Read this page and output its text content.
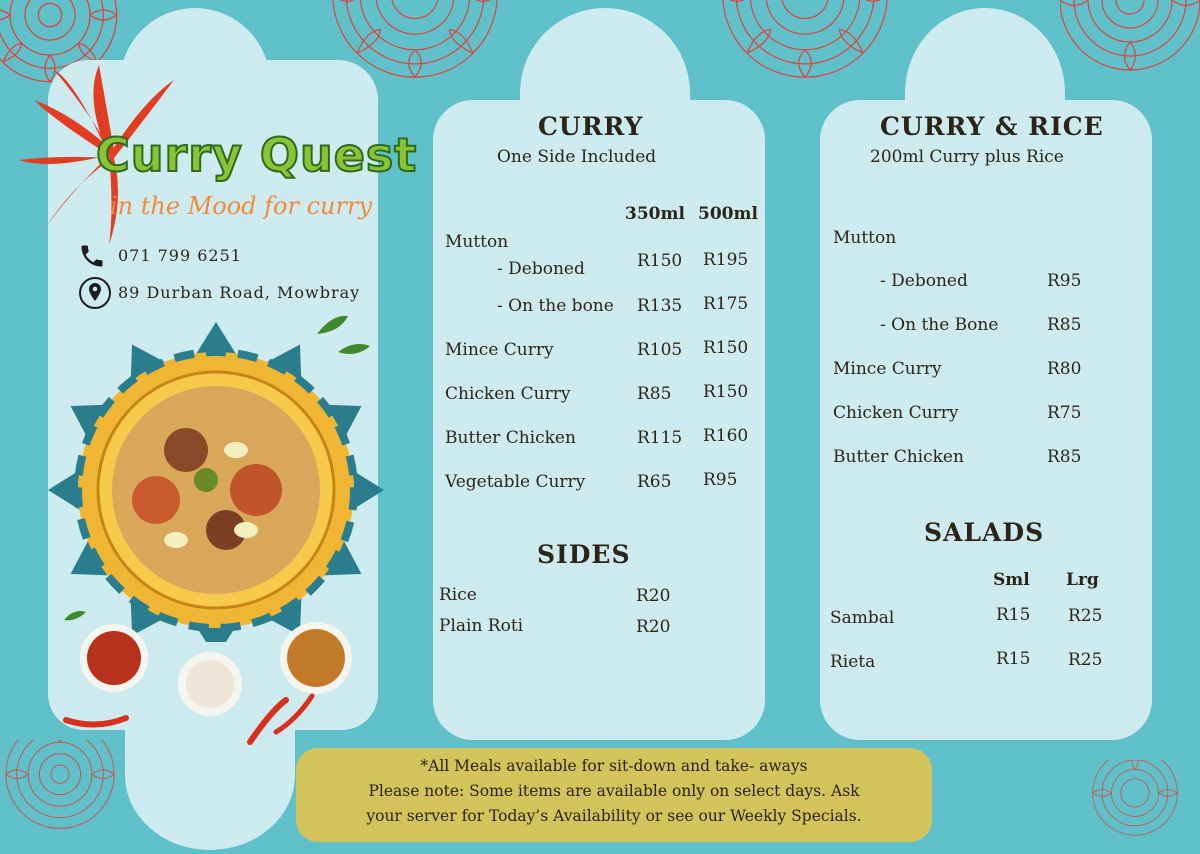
Curry Quest
in the Mood for curry
071 799 6251
89 Durban Road, Mowbray
CURRY
One Side Included
350ml 500ml
Mutton
- Deboned	R150 R195
- On the bone R135 R175
Mince Curry	R105 R150
Chicken Curry	R85 R150
Butter Chicken	R115 R160
Vegetable Curry	R65 R95
SIDES
Rice	R20
Plain Roti	R20
CURRY & RICE
200ml Curry plus Rice
Mutton
- Deboned	R95
- On the Bone	R85
Mince Curry	R80
Chicken Curry	R75
Butter Chicken	R85
SALADS
Sml Lrg
Sambal	R15 R25
Rieta	R15 R25
*All Meals available for sit-down and take- aways
Please note: Some items are available only on select days. Ask
your server for Today’s Availability or see our Weekly Specials.
